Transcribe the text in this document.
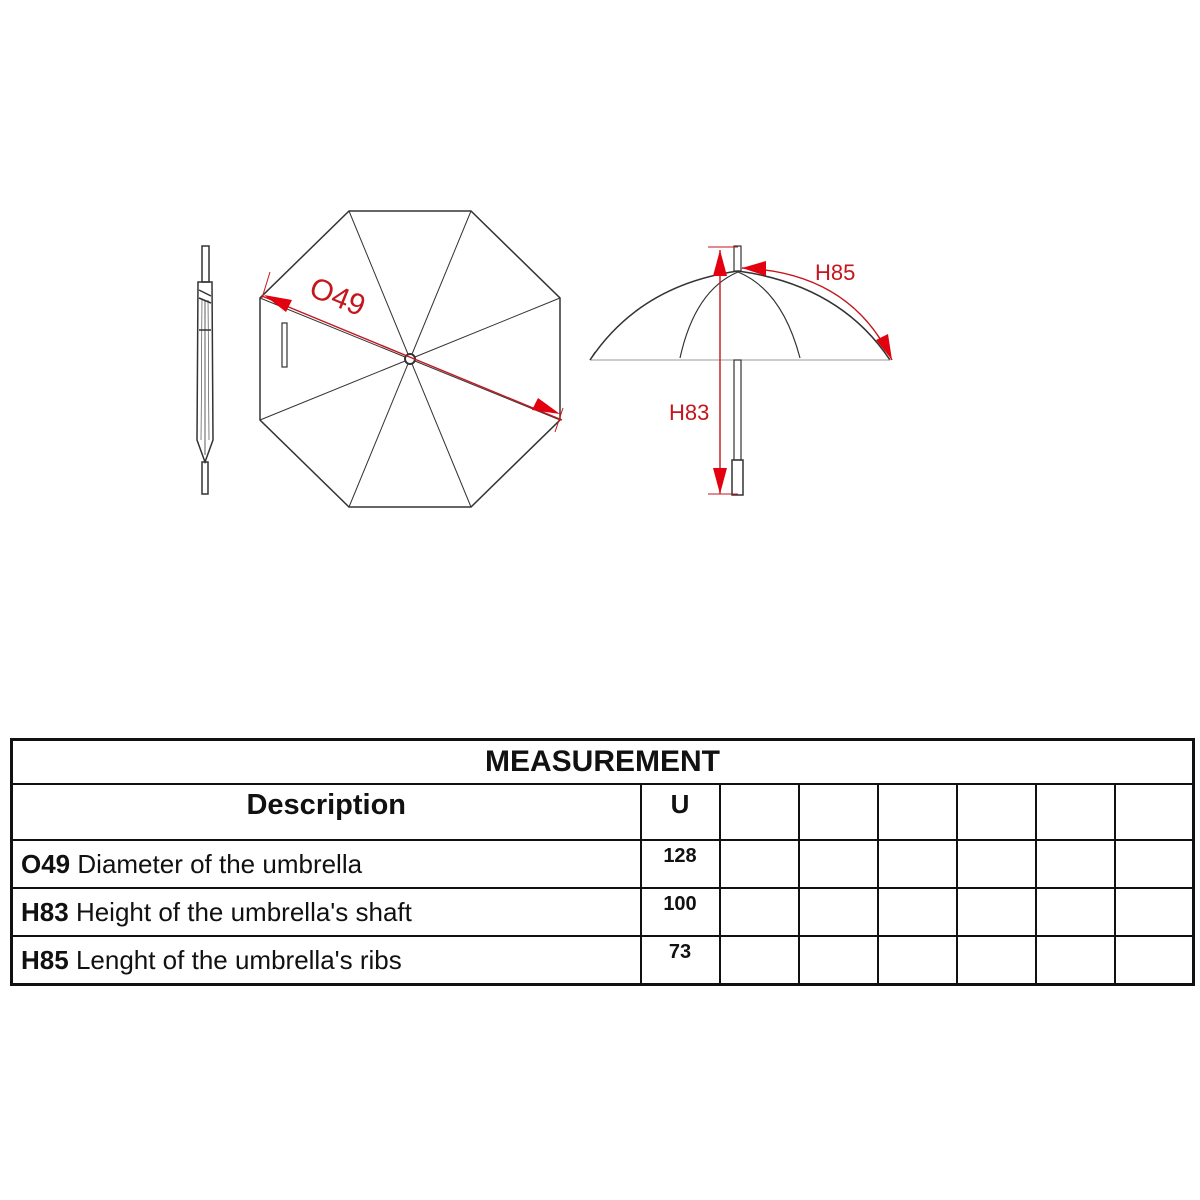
O49
H83
H85
MEASUREMENT							
Description	U						
O49 Diameter of the umbrella	128						
H83 Height of the umbrella's shaft	100						
H85 Lenght of the umbrella's ribs	73						
